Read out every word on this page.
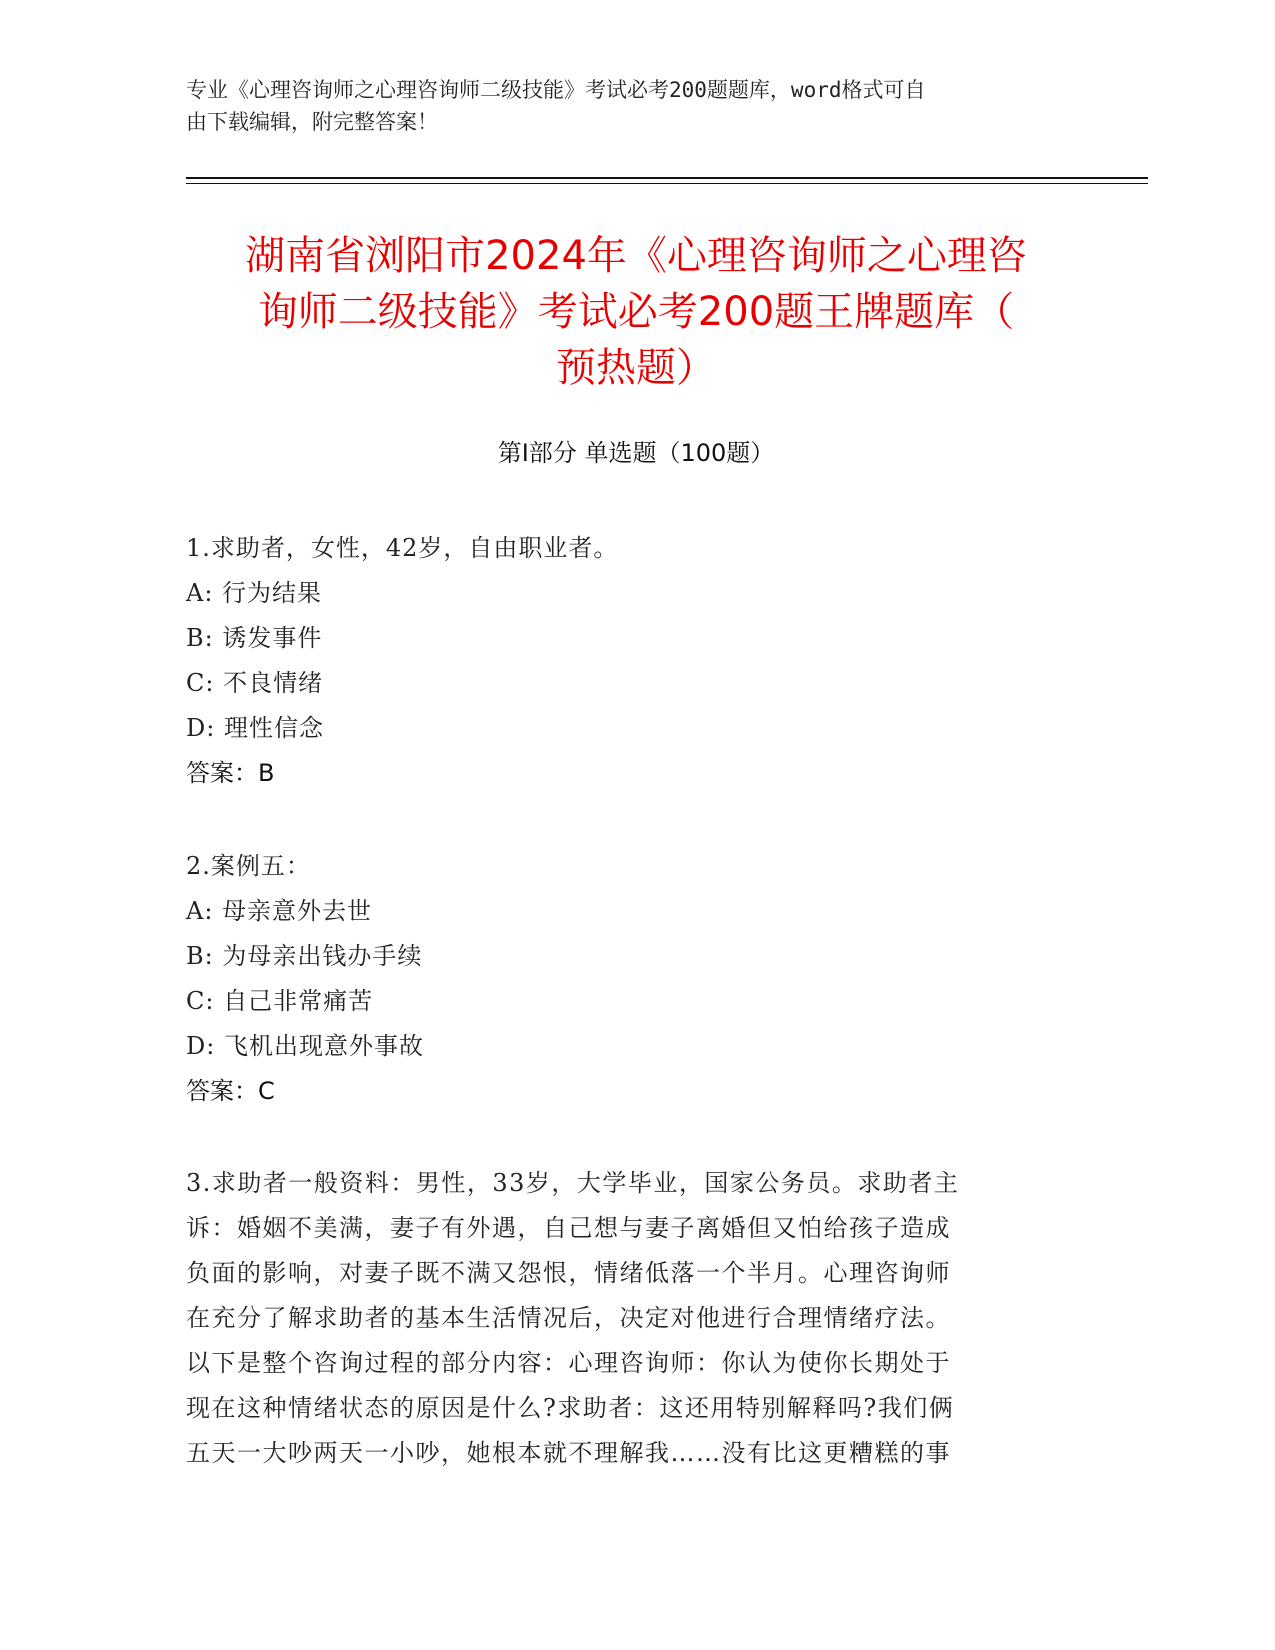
专业《心理咨询师之心理咨询师二级技能》考试必考200题题库，word格式可自
由下载编辑，附完整答案！
湖南省浏阳市2024年《心理咨询师之心理咨
询师二级技能》考试必考200题王牌题库（
预热题）
第I部分 单选题（100题）
1.求助者，女性，42岁，自由职业者。
A: 行为结果
B: 诱发事件
C: 不良情绪
D: 理性信念
答案：B
2.案例五：
A: 母亲意外去世
B: 为母亲出钱办手续
C: 自己非常痛苦
D: 飞机出现意外事故
答案：C
3.求助者一般资料：男性，33岁，大学毕业，国家公务员。求助者主
诉：婚姻不美满，妻子有外遇，自己想与妻子离婚但又怕给孩子造成
负面的影响，对妻子既不满又怨恨，情绪低落一个半月。心理咨询师
在充分了解求助者的基本生活情况后，决定对他进行合理情绪疗法。
以下是整个咨询过程的部分内容：心理咨询师：你认为使你长期处于
现在这种情绪状态的原因是什么?求助者：这还用特别解释吗?我们俩
五天一大吵两天一小吵，她根本就不理解我……没有比这更糟糕的事
